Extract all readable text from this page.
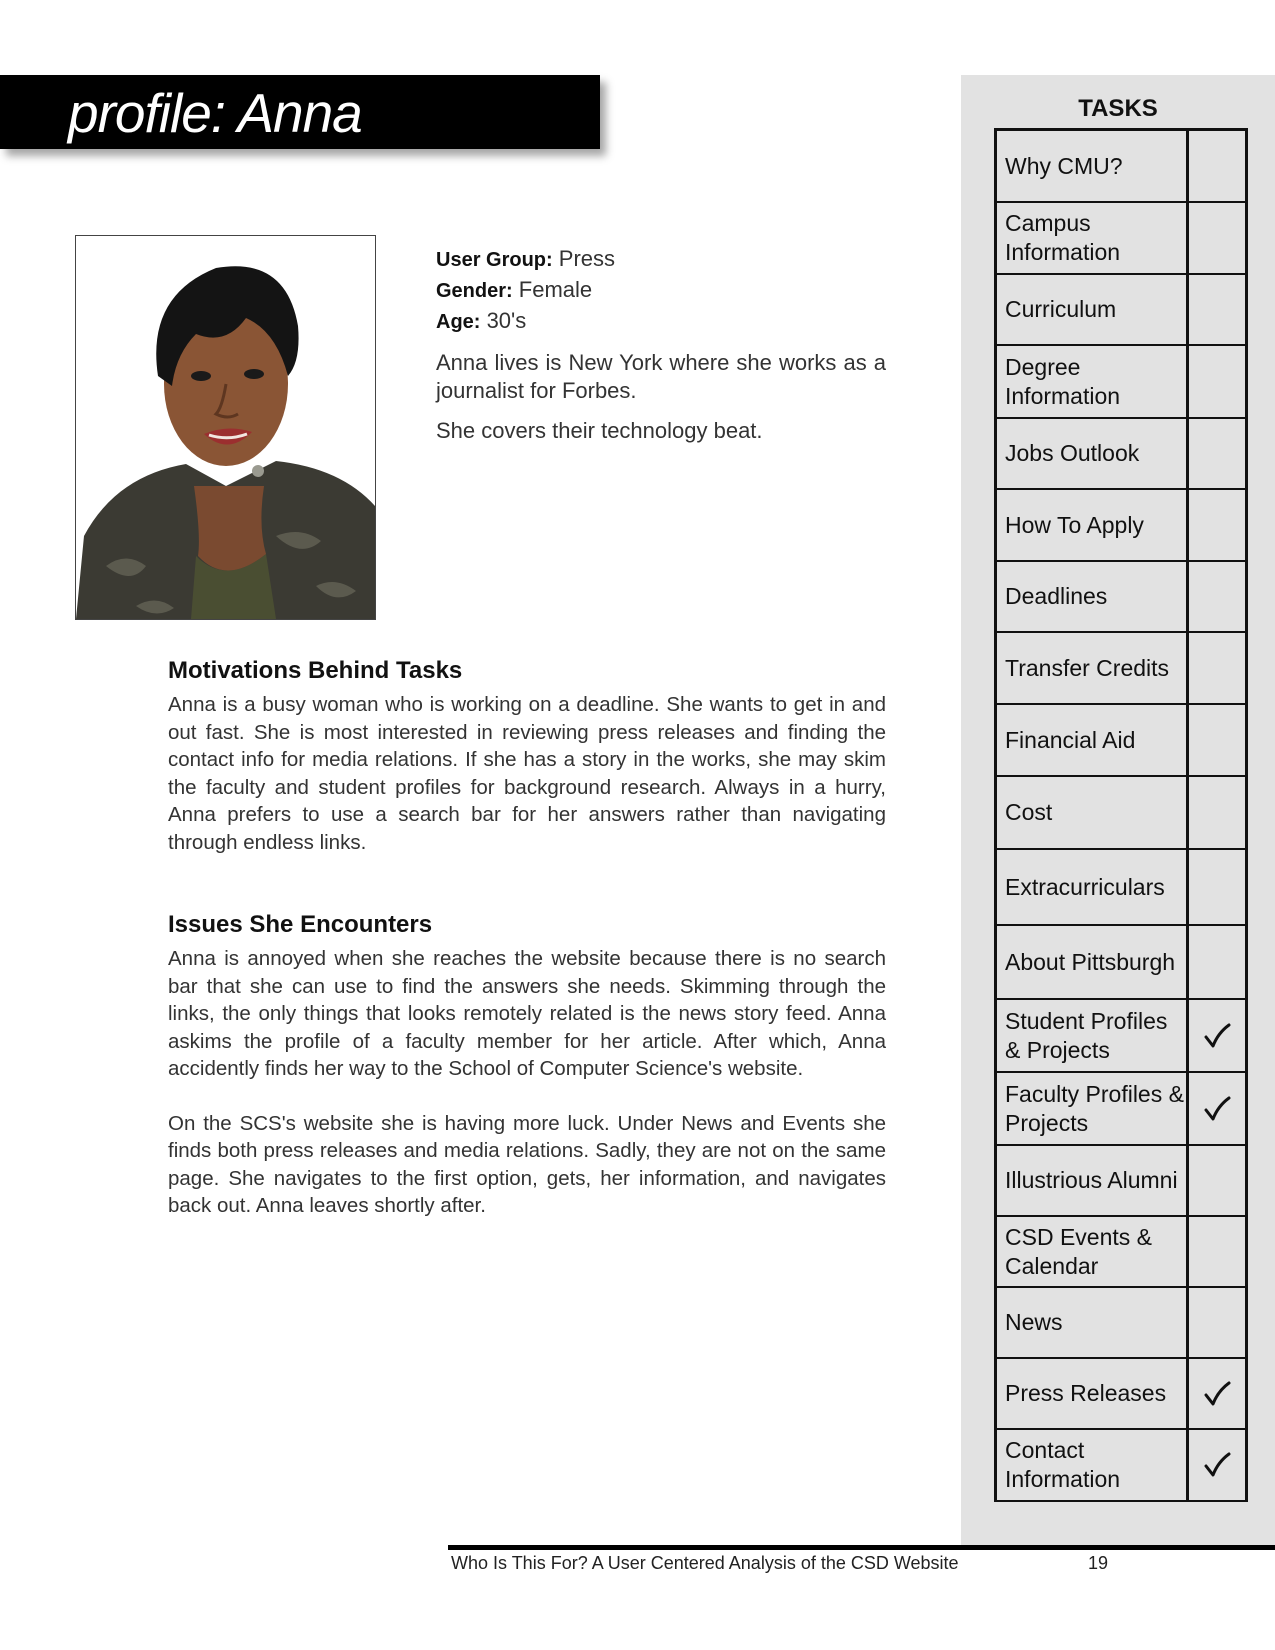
profile: Anna
User Group: Press
Gender: Female
Age: 30's

Anna lives is New York where she works as a journalist for Forbes.

She covers their technology beat.

Motivations Behind Tasks

Anna is a busy woman who is working on a deadline. She wants to get in and out fast. She is most interested in reviewing press releases and finding the contact info for media relations. If she has a story in the works, she may skim the faculty and student profiles for background research. Always in a hurry, Anna prefers to use a search bar for her answers rather than navigating through endless links.

Issues She Encounters

Anna is annoyed when she reaches the website because there is no search bar that she can use to find the answers she needs. Skimming through the links, the only things that looks remotely related is the news story feed. Anna askims the profile of a faculty member for her article. After which, Anna accidently finds her way to the School of Computer Science's website.

On the SCS's website she is having more luck. Under News and Events she finds both press releases and media relations. Sadly, they are not on the same page. She navigates to the first option, gets, her information, and navigates back out. Anna leaves shortly after.

TASKS
Why CMU?
Campus Information
Curriculum
Degree Information
Jobs Outlook
How To Apply
Deadlines
Transfer Credits
Financial Aid
Cost
Extracurriculars
About Pittsburgh
Student Profiles & Projects
Faculty Profiles & Projects
Illustrious Alumni
CSD Events & Calendar
News
Press Releases
Contact Information
Who Is This For? A User Centered Analysis of the CSD Website	19
